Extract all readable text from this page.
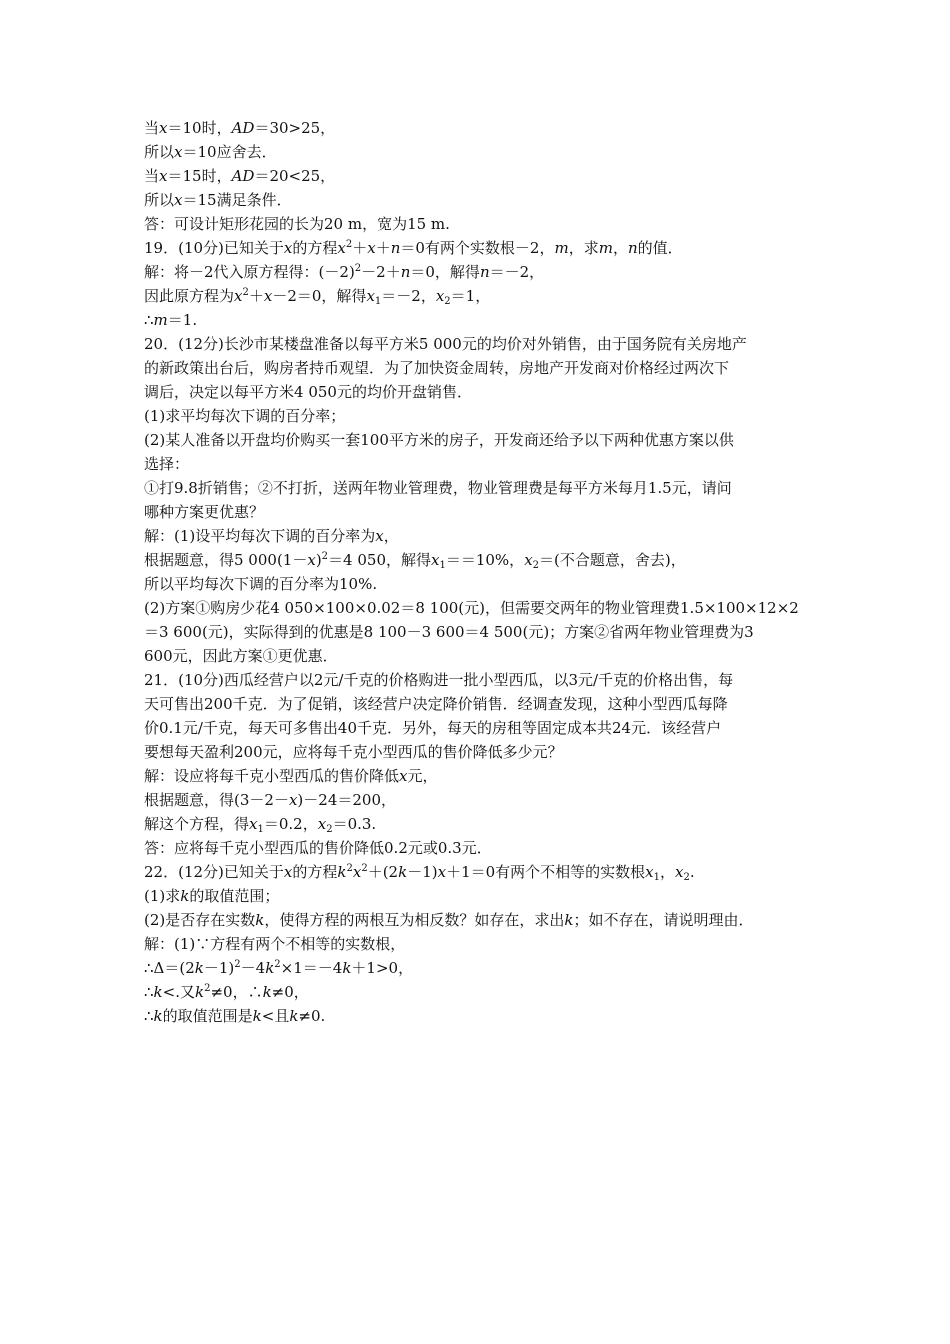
当x＝10时，AD＝30>25，
所以x＝10应舍去．
当x＝15时，AD＝20<25，
所以x＝15满足条件．
答：可设计矩形花园的长为20 m，宽为15 m.
19．(10分)已知关于x的方程$x^2+x+n=0$有两个实数根－2，m，求m，n的值．
解：将－2代入原方程得：$(-2)^2-2+n=0$，解得n＝－2，
因此原方程为$x^2+x-2=0$，解得$x_1=-2$，$x_2=1$，
∴m＝1.
20．(12分)长沙市某楼盘准备以每平方米5 000元的均价对外销售，由于国务院有关房地产
的新政策出台后，购房者持币观望．为了加快资金周转，房地产开发商对价格经过两次下
调后，决定以每平方米4 050元的均价开盘销售．
(1)求平均每次下调的百分率；
(2)某人准备以开盘均价购买一套100平方米的房子，开发商还给予以下两种优惠方案以供
选择：
①打9.8折销售；②不打折，送两年物业管理费，物业管理费是每平方米每月1.5元，请问
哪种方案更优惠？
解：(1)设平均每次下调的百分率为x，
根据题意，得5 $000(1-x)^2=4$ 050，解得$x_1==10\%$，$x_2=$(不合题意，舍去)，
所以平均每次下调的百分率为10%.
(2)方案①购房少花4 050×100×0.02＝8 100(元)，但需要交两年的物业管理费1.5×100×12×2
＝3 600(元)，实际得到的优惠是8 100－3 600＝4 500(元)；方案②省两年物业管理费为3
600元，因此方案①更优惠．
21．(10分)西瓜经营户以2元/千克的价格购进一批小型西瓜，以3元/千克的价格出售，每
天可售出200千克．为了促销，该经营户决定降价销售．经调查发现，这种小型西瓜每降
价0.1元/千克，每天可多售出40千克．另外，每天的房租等固定成本共24元．该经营户
要想每天盈利200元，应将每千克小型西瓜的售价降低多少元？
解：设应将每千克小型西瓜的售价降低x元，
根据题意，得(3－2－x)－24＝200，
解这个方程，得$x_1=0.2$，$x_2=0.3$.
答：应将每千克小型西瓜的售价降低0.2元或0.3元．
22．(12分)已知关于x的方程$k^2x^2+(2k-1)x+1=0$有两个不相等的实数根$x_1$，$x_2$.
(1)求k的取值范围；
(2)是否存在实数k，使得方程的两根互为相反数？如存在，求出k；如不存在，请说明理由．
解：(1)∵方程有两个不相等的实数根，
$\therefore\Delta=(2k-1)^2-4k^2\times 1=-4k+1>0$，
∴k<.又$k^2\ne 0$，∴k≠0，
∴k的取值范围是k<且k≠0.
